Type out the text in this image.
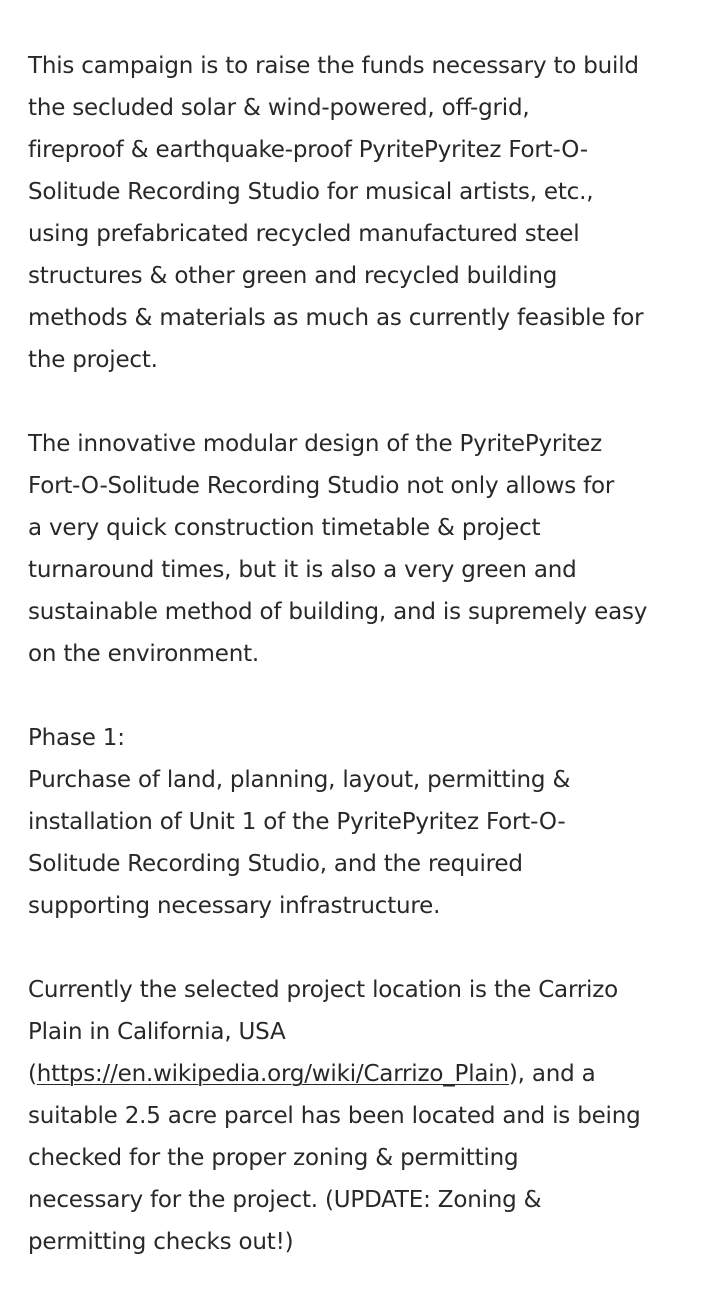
This campaign is to raise the funds necessary to build
the secluded solar & wind-powered, off-grid,
fireproof & earthquake-proof PyritePyritez Fort-O-
Solitude Recording Studio for musical artists, etc.,
using prefabricated recycled manufactured steel
structures & other green and recycled building
methods & materials as much as currently feasible for
the project.
The innovative modular design of the PyritePyritez
Fort-O-Solitude Recording Studio not only allows for
a very quick construction timetable & project
turnaround times, but it is also a very green and
sustainable method of building, and is supremely easy
on the environment.
Phase 1:
Purchase of land, planning, layout, permitting &
installation of Unit 1 of the PyritePyritez Fort-O-
Solitude Recording Studio, and the required
supporting necessary infrastructure.
Currently the selected project location is the Carrizo
Plain in California, USA
(https://en.wikipedia.org/wiki/Carrizo_Plain), and a
suitable 2.5 acre parcel has been located and is being
checked for the proper zoning & permitting
necessary for the project. (UPDATE: Zoning &
permitting checks out!)
